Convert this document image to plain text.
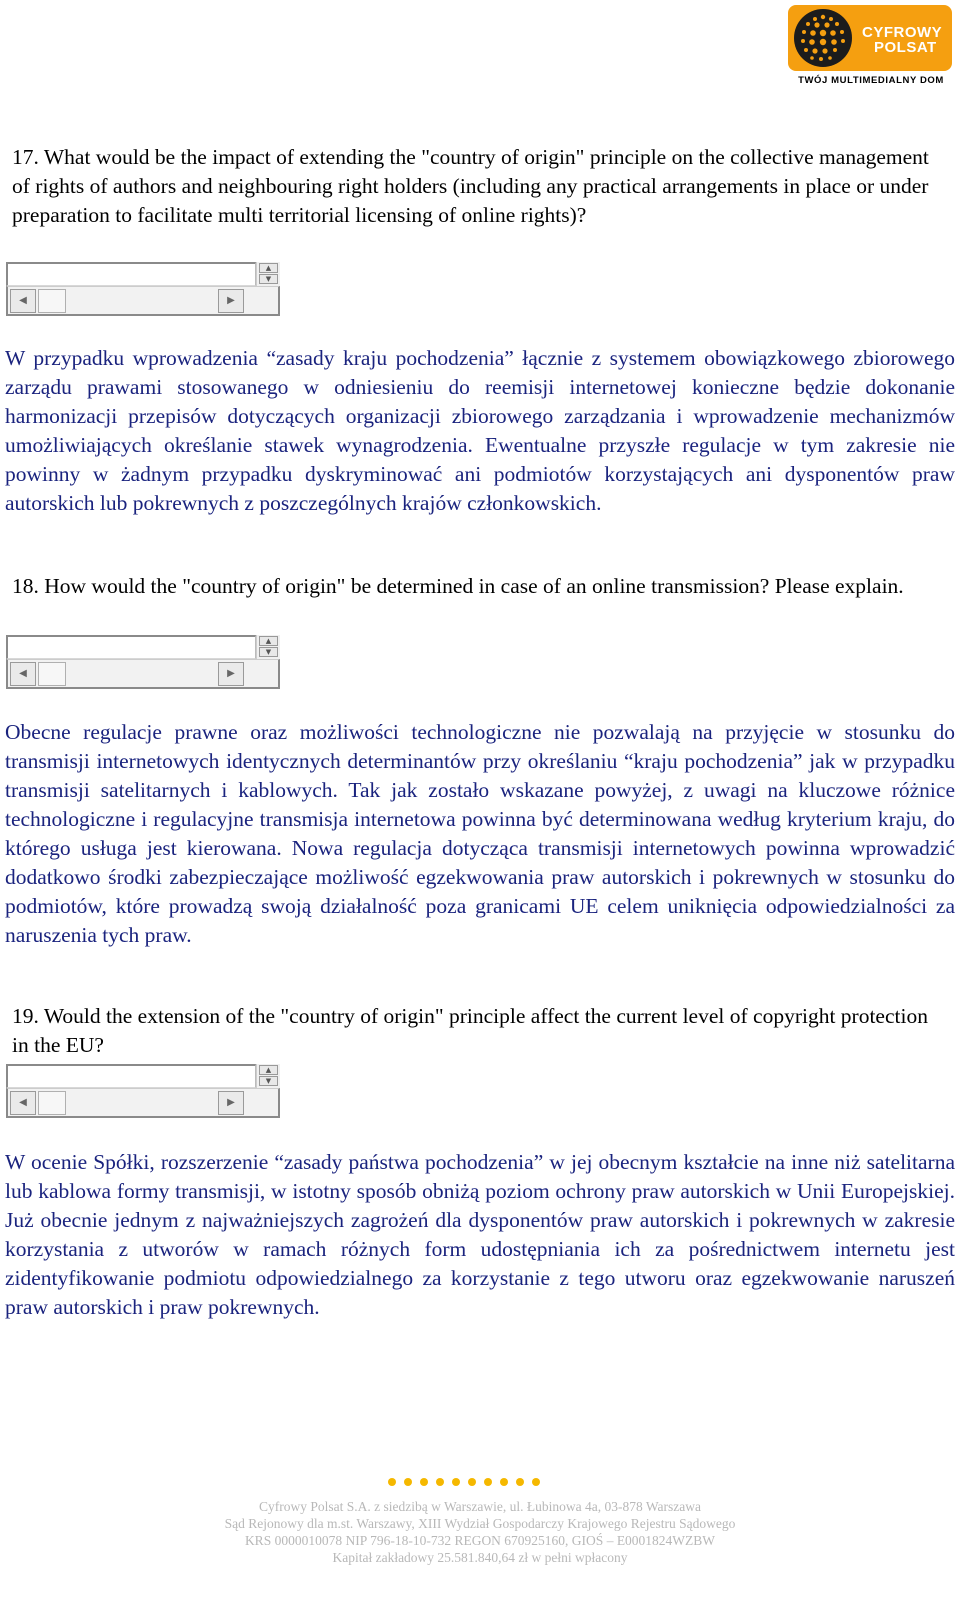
CYFROWY
POLSAT
TWÓJ MULTIMEDIALNY DOM
17. What would be the impact of extending the "country of origin" principle on the collective management of rights of authors and neighbouring right holders (including any practical arrangements in place or under preparation to facilitate multi territorial licensing of online rights)?
▲
▼
◀	▶
W przypadku wprowadzenia “zasady kraju pochodzenia” łącznie z systemem obowiązkowego zbiorowego zarządu prawami stosowanego w odniesieniu do reemisji internetowej konieczne będzie dokonanie harmonizacji przepisów dotyczących organizacji zbiorowego zarządzania i wprowadzenie mechanizmów umożliwiających określanie stawek wynagrodzenia. Ewentualne przyszłe regulacje w tym zakresie nie powinny w żadnym przypadku dyskryminować ani podmiotów korzystających ani dysponentów praw autorskich lub pokrewnych z poszczególnych krajów członkowskich.
18. How would the "country of origin" be determined in case of an online transmission? Please explain.
▲
▼
◀	▶
Obecne regulacje prawne oraz możliwości technologiczne nie pozwalają na przyjęcie w stosunku do transmisji internetowych identycznych determinantów przy określaniu “kraju pochodzenia” jak w przypadku transmisji satelitarnych i kablowych. Tak jak zostało wskazane powyżej, z uwagi na kluczowe różnice technologiczne i regulacyjne transmisja internetowa powinna być determinowana według kryterium kraju, do którego usługa jest kierowana. Nowa regulacja dotycząca transmisji internetowych powinna wprowadzić dodatkowo środki zabezpieczające możliwość egzekwowania praw autorskich i pokrewnych w stosunku do podmiotów, które prowadzą swoją działalność poza granicami UE celem uniknięcia odpowiedzialności za naruszenia tych praw.
19. Would the extension of the "country of origin" principle affect the current level of copyright protection in the EU?
▲
▼
◀	▶
W ocenie Spółki, rozszerzenie “zasady państwa pochodzenia” w jej obecnym kształcie na inne niż satelitarna lub kablowa formy transmisji, w istotny sposób obniżą poziom ochrony praw autorskich w Unii Europejskiej. Już obecnie jednym z najważniejszych zagrożeń dla dysponentów praw autorskich i pokrewnych w zakresie korzystania z utworów w ramach różnych form udostępniania ich za pośrednictwem internetu jest zidentyfikowanie podmiotu odpowiedzialnego za korzystanie z tego utworu oraz egzekwowanie naruszeń praw autorskich i praw pokrewnych.
Cyfrowy Polsat S.A. z siedzibą w Warszawie, ul. Łubinowa 4a, 03-878 Warszawa
Sąd Rejonowy dla m.st. Warszawy, XIII Wydział Gospodarczy Krajowego Rejestru Sądowego
KRS 0000010078 NIP 796-18-10-732 REGON 670925160, GIOŚ – E0001824WZBW
Kapitał zakładowy 25.581.840,64 zł w pełni wpłacony
